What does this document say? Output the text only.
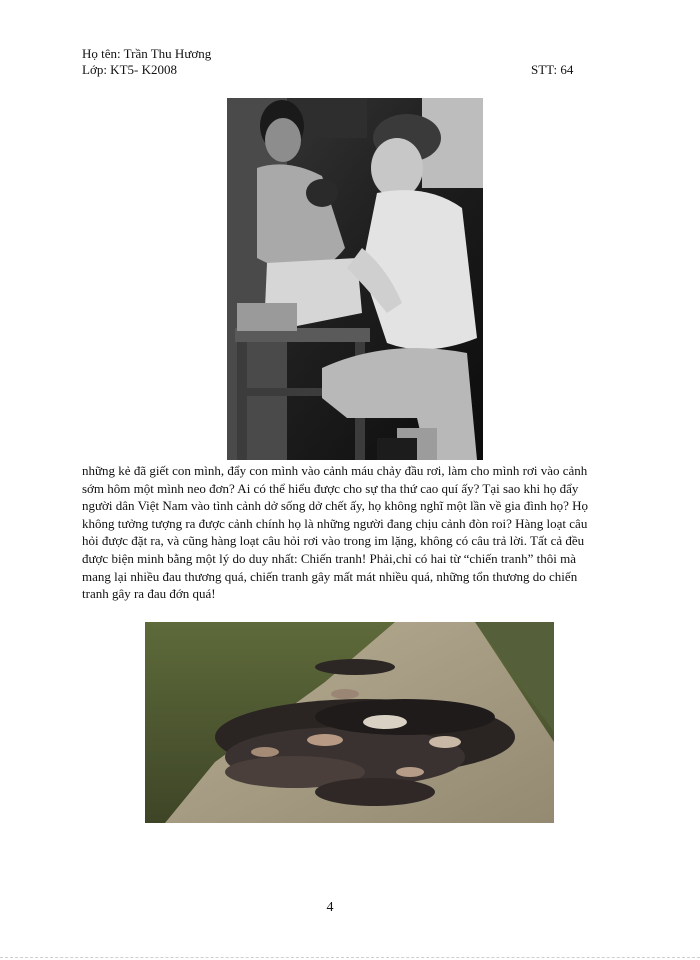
Họ tên: Trần Thu Hương
Lớp: KT5- K2008	STT: 64
những kẻ đã giết con mình, đẩy con mình vào cảnh máu chảy đầu rơi, làm cho mình rơi vào cảnh
sớm hôm một mình neo đơn? Ai có thể hiểu được cho sự tha thứ cao quí ấy? Tại sao khi họ đẩy
người dân Việt Nam vào tình cảnh dở sống dở chết ấy, họ không nghĩ một lần về gia đình họ? Họ
không tưởng tượng ra được cảnh chính họ là những người đang chịu cảnh đòn roi? Hàng loạt câu
hỏi được đặt ra, và cũng hàng loạt câu hỏi rơi vào trong im lặng, không có câu trả lời. Tất cả đều
được biện minh bằng một lý do duy nhất: Chiến tranh! Phải,chỉ có hai từ “chiến tranh” thôi mà
mang lại nhiều đau thương quá, chiến tranh gây mất mát nhiều quá, những tổn thương do chiến
tranh gây ra đau đớn quá!
4
